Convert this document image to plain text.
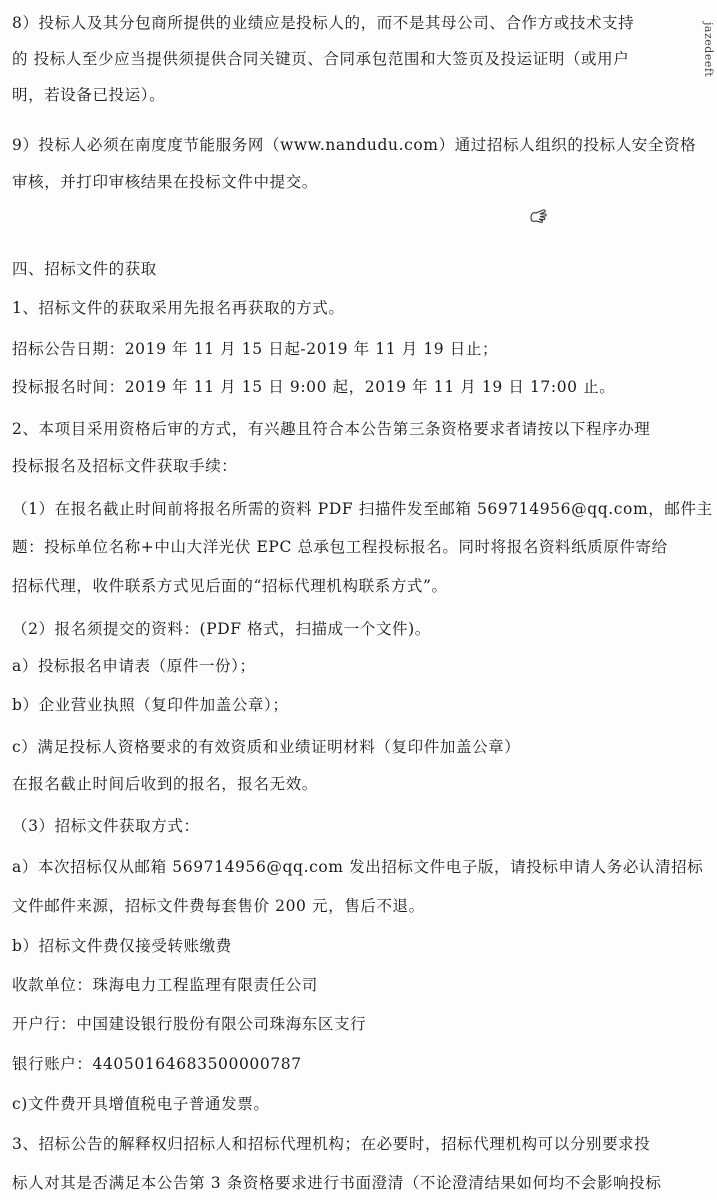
8）投标人及其分包商所提供的业绩应是投标人的，而不是其母公司、合作方或技术支持
的 投标人至少应当提供须提供合同关键页、合同承包范围和大签页及投运证明（或用户
明，若设备已投运）。
9）投标人必须在南度度节能服务网（www.nandudu.com）通过招标人组织的投标人安全资格
审核，并打印审核结果在投标文件中提交。
四、招标文件的获取
1、招标文件的获取采用先报名再获取的方式。
招标公告日期：2019 年 11 月 15 日起-2019 年 11 月 19 日止；
投标报名时间：2019 年 11 月 15 日 9:00 起，2019 年 11 月 19 日 17:00 止。
2、本项目采用资格后审的方式，有兴趣且符合本公告第三条资格要求者请按以下程序办理
投标报名及招标文件获取手续：
（1）在报名截止时间前将报名所需的资料 PDF 扫描件发至邮箱 569714956@qq.com，邮件主
题：投标单位名称+中山大洋光伏 EPC 总承包工程投标报名。同时将报名资料纸质原件寄给
招标代理，收件联系方式见后面的“招标代理机构联系方式”。
（2）报名须提交的资料：(PDF 格式，扫描成一个文件)。
a）投标报名申请表（原件一份）；
b）企业营业执照（复印件加盖公章）；
c）满足投标人资格要求的有效资质和业绩证明材料（复印件加盖公章）
在报名截止时间后收到的报名，报名无效。
（3）招标文件获取方式：
a）本次招标仅从邮箱 569714956@qq.com 发出招标文件电子版，请投标申请人务必认清招标
文件邮件来源，招标文件费每套售价 200 元，售后不退。
b）招标文件费仅接受转账缴费
收款单位：珠海电力工程监理有限责任公司
开户行：中国建设银行股份有限公司珠海东区支行
银行账户：44050164683500000787
c)文件费开具增值税电子普通发票。
3、招标公告的解释权归招标人和招标代理机构；在必要时，招标代理机构可以分别要求投
标人对其是否满足本公告第 3 条资格要求进行书面澄清（不论澄清结果如何均不会影响投标
jazedeeft
